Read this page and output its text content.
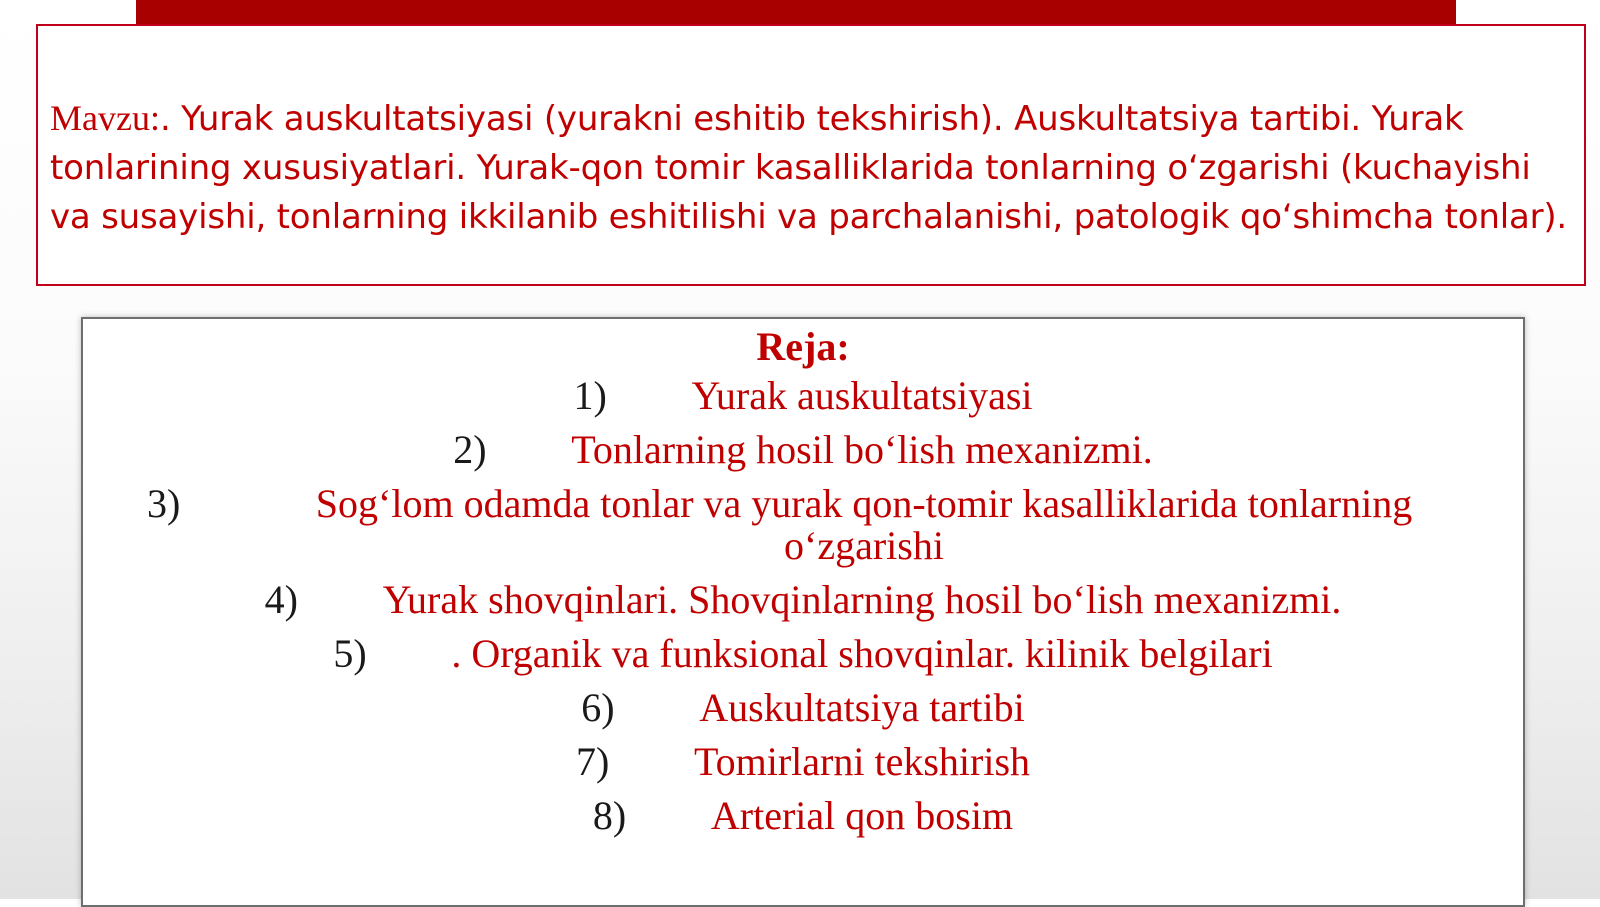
Mavzu:. Yurak auskultatsiyasi (yurakni eshitib tekshirish). Auskultatsiya tartibi. Yurak tonlarining xususiyatlari. Yurak-qon tomir kasalliklarida tonlarning o‘zgarishi (kuchayishi va susayishi, tonlarning ikkilanib eshitilishi va parchalanishi, patologik qo‘shimcha tonlar).

Reja:
1)	Yurak auskultatsiyasi
2)	Tonlarning hosil bo‘lish mexanizmi.
3)	Sog‘lom odamda tonlar va yurak qon-tomir kasalliklarida tonlarning o‘zgarishi
4)	Yurak shovqinlari. Shovqinlarning hosil bo‘lish mexanizmi.
5)	. Organik va funksional shovqinlar. kilinik belgilari
6)	Auskultatsiya tartibi
7)	Tomirlarni tekshirish
8)	Arterial qon bosim
